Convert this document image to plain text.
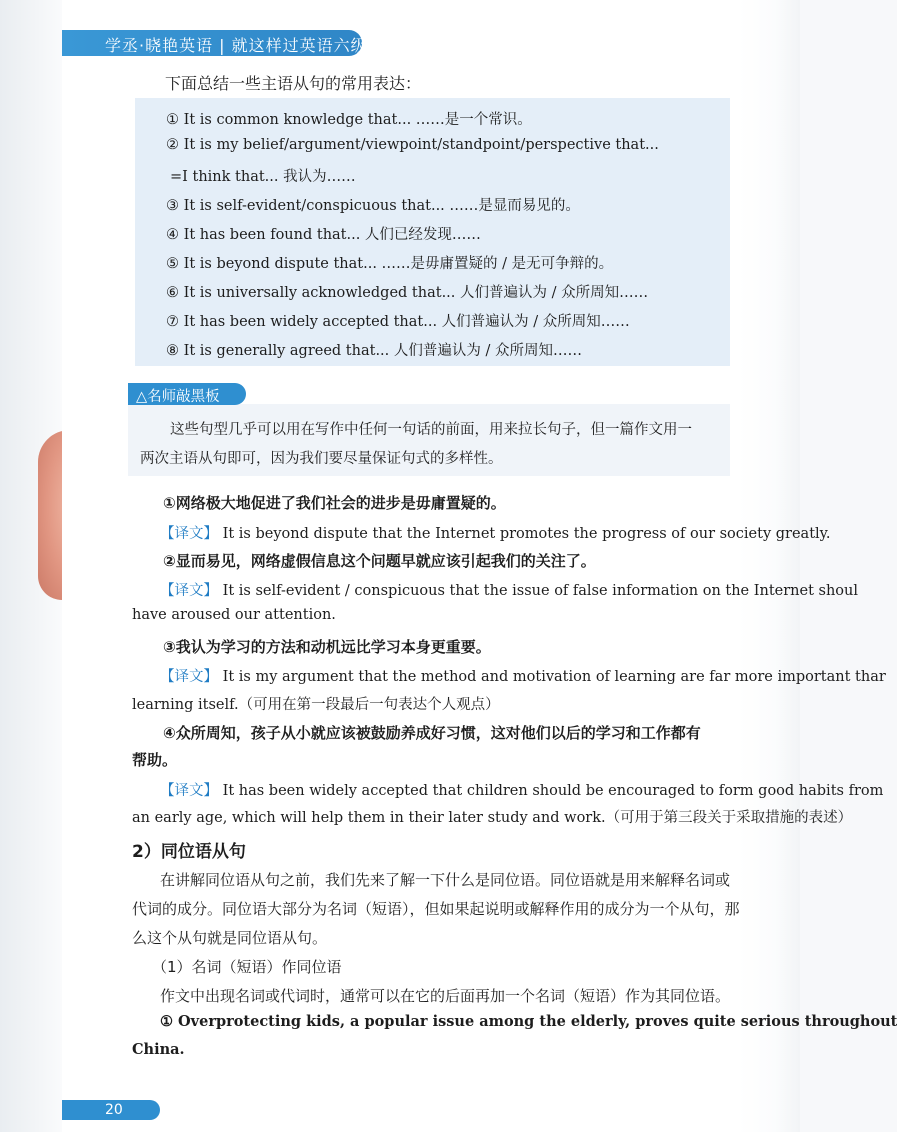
学丞·晓艳英语 | 就这样过英语六级
下面总结一些主语从句的常用表达：
① It is common knowledge that... ……是一个常识。
② It is my belief/argument/viewpoint/standpoint/perspective that...
=I think that... 我认为……
③ It is self-evident/conspicuous that... ……是显而易见的。
④ It has been found that... 人们已经发现……
⑤ It is beyond dispute that... ……是毋庸置疑的 / 是无可争辩的。
⑥ It is universally acknowledged that... 人们普遍认为 / 众所周知……
⑦ It has been widely accepted that... 人们普遍认为 / 众所周知……
⑧ It is generally agreed that... 人们普遍认为 / 众所周知……
△名师敲黑板
这些句型几乎可以用在写作中任何一句话的前面，用来拉长句子，但一篇作文用一
两次主语从句即可，因为我们要尽量保证句式的多样性。
①网络极大地促进了我们社会的进步是毋庸置疑的。
【译文】 It is beyond dispute that the Internet promotes the progress of our society greatly.
②显而易见，网络虚假信息这个问题早就应该引起我们的关注了。
【译文】 It is self-evident / conspicuous that the issue of false information on the Internet shoul
have aroused our attention.
③我认为学习的方法和动机远比学习本身更重要。
【译文】 It is my argument that the method and motivation of learning are far more important thar
learning itself.（可用在第一段最后一句表达个人观点）
④众所周知，孩子从小就应该被鼓励养成好习惯，这对他们以后的学习和工作都有
帮助。
【译文】 It has been widely accepted that children should be encouraged to form good habits from
an early age, which will help them in their later study and work.（可用于第三段关于采取措施的表述）
2）同位语从句
在讲解同位语从句之前，我们先来了解一下什么是同位语。同位语就是用来解释名词或
代词的成分。同位语大部分为名词（短语），但如果起说明或解释作用的成分为一个从句，那
么这个从句就是同位语从句。
（1）名词（短语）作同位语
作文中出现名词或代词时，通常可以在它的后面再加一个名词（短语）作为其同位语。
① Overprotecting kids, a popular issue among the elderly, proves quite serious throughout
China.
20
